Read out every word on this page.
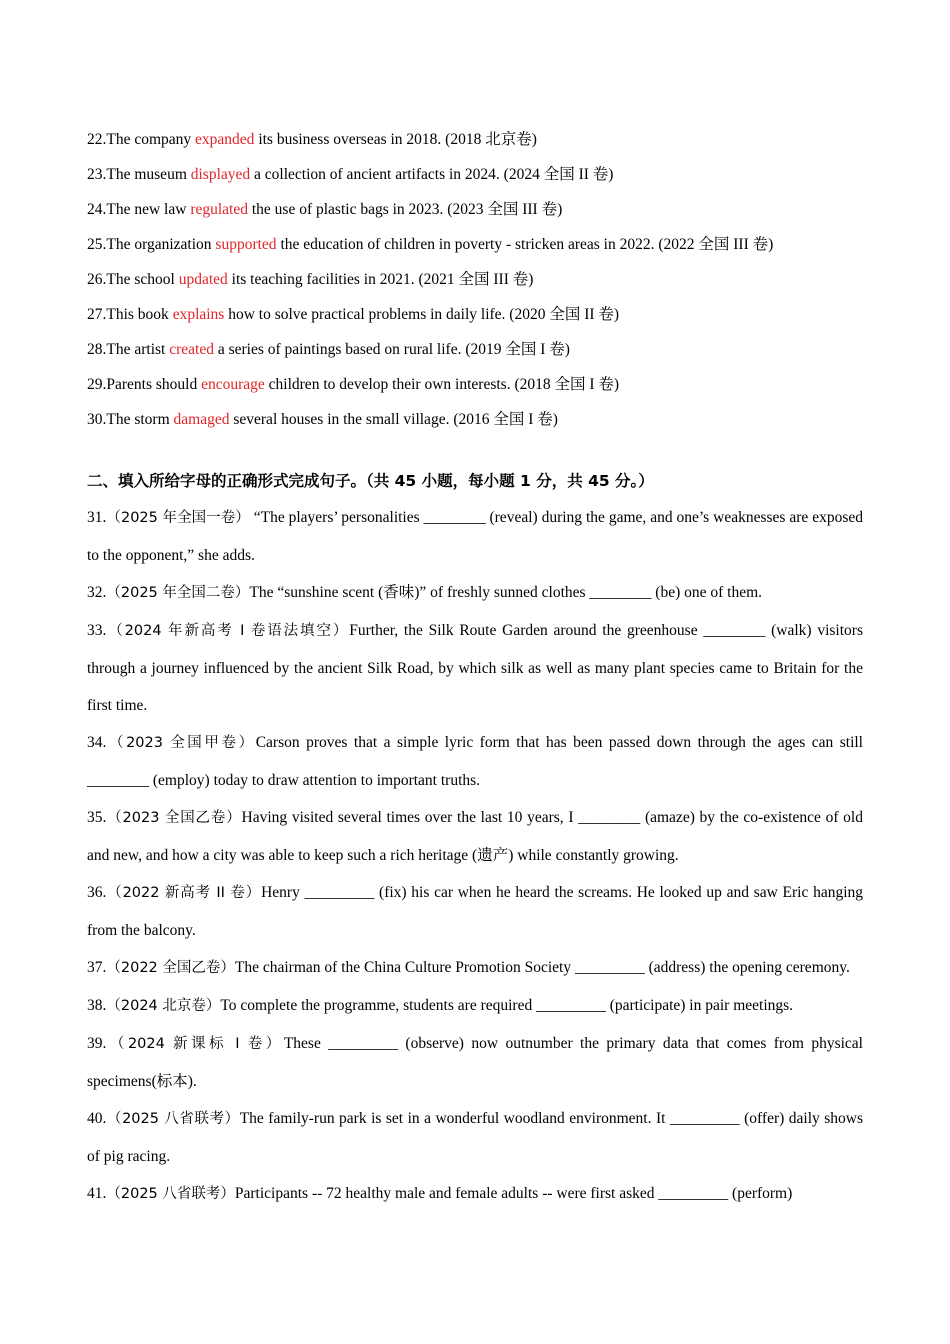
22.The company expanded its business overseas in 2018. (2018 北京卷)
23.The museum displayed a collection of ancient artifacts in 2024. (2024 全国 II 卷)
24.The new law regulated the use of plastic bags in 2023. (2023 全国 III 卷)
25.The organization supported the education of children in poverty - stricken areas in 2022. (2022 全国 III 卷)
26.The school updated its teaching facilities in 2021. (2021 全国 III 卷)
27.This book explains how to solve practical problems in daily life. (2020 全国 II 卷)
28.The artist created a series of paintings based on rural life. (2019 全国 I 卷)
29.Parents should encourage children to develop their own interests. (2018 全国 I 卷)
30.The storm damaged several houses in the small village. (2016 全国 I 卷)
二、填入所给字母的正确形式完成句子。（共 45 小题，每小题 1 分，共 45 分。）
31.（2025 年全国一卷） “The players’ personalities ________ (reveal) during the game, and one’s weaknesses are exposed to the opponent,” she adds.
32.（2025 年全国二卷）The “sunshine scent (香味)” of freshly sunned clothes ________ (be) one of them.
33.（2024 年新高考 I 卷语法填空）Further, the Silk Route Garden around the greenhouse ________ (walk) visitors through a journey influenced by the ancient Silk Road, by which silk as well as many plant species came to Britain for the first time.
34.（2023 全国甲卷）Carson proves that a simple lyric form that has been passed down through the ages can still ________ (employ) today to draw attention to important truths.
35.（2023 全国乙卷）Having visited several times over the last 10 years, I ________ (amaze) by the co-existence of old and new, and how a city was able to keep such a rich heritage (遗产) while constantly growing.
36.（2022 新高考 II 卷）Henry _________ (fix) his car when he heard the screams. He looked up and saw Eric hanging from the balcony.
37.（2022 全国乙卷）The chairman of the China Culture Promotion Society _________ (address) the opening ceremony.
38.（2024 北京卷）To complete the programme, students are required _________ (participate) in pair meetings.
39.（2024 新课标 I 卷）These _________ (observe) now outnumber the primary data that comes from physical specimens(标本).
40.（2025 八省联考）The family-run park is set in a wonderful woodland environment. It _________ (offer) daily shows of pig racing.
41.（2025 八省联考）Participants -- 72 healthy male and female adults -- were first asked _________ (perform)
